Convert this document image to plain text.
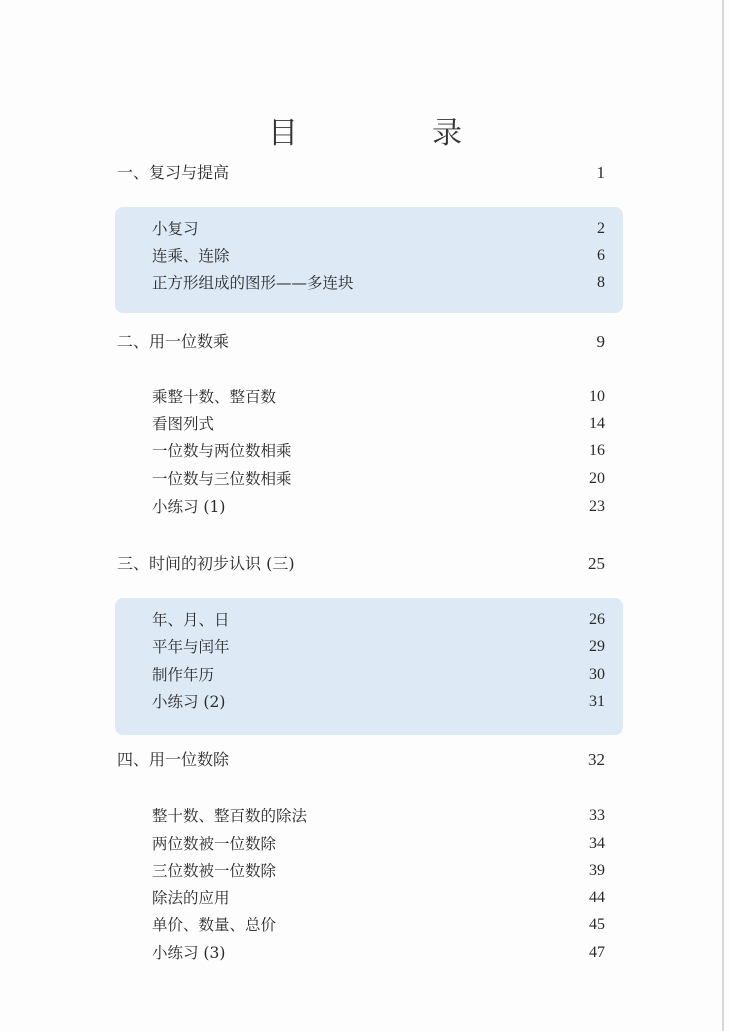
目　录
一、复习与提高	1
小复习	2
连乘、连除	6
正方形组成的图形——多连块	8
二、用一位数乘	9
乘整十数、整百数	10
看图列式	14
一位数与两位数相乘	16
一位数与三位数相乘	20
小练习 (1)	23
三、时间的初步认识 (三)	25
年、月、日	26
平年与闰年	29
制作年历	30
小练习 (2)	31
四、用一位数除	32
整十数、整百数的除法	33
两位数被一位数除	34
三位数被一位数除	39
除法的应用	44
单价、数量、总价	45
小练习 (3)	47
